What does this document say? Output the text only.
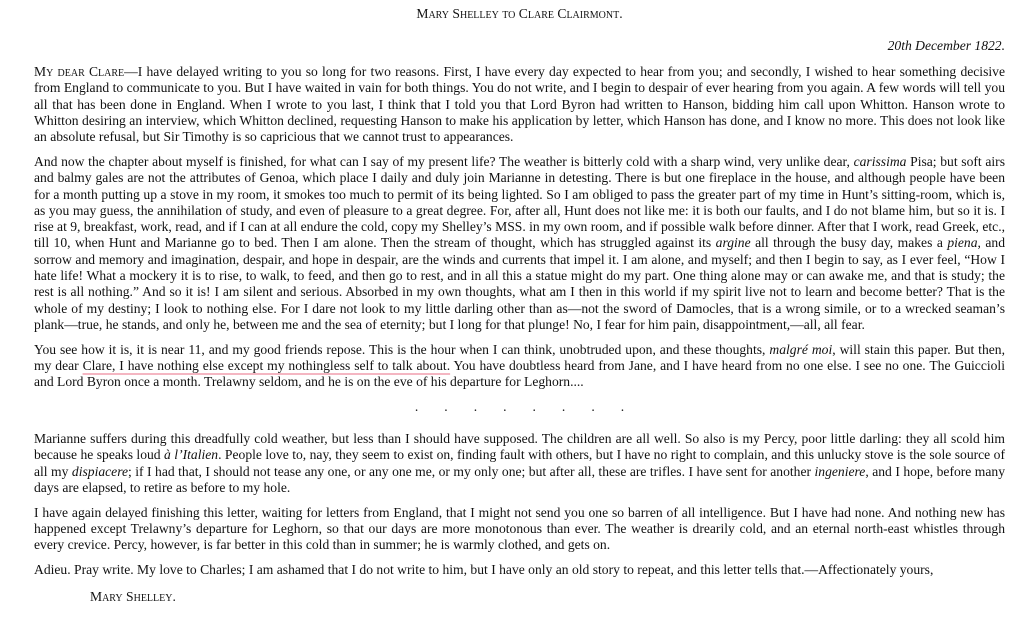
Mary Shelley to Clare Clairmont.
20th December 1822.

My dear Clare—I have delayed writing to you so long for two reasons. First, I have every day expected to hear from you; and secondly, I wished to hear something decisive from England to communicate to you. But I have waited in vain for both things. You do not write, and I begin to despair of ever hearing from you again. A few words will tell you all that has been done in England. When I wrote to you last, I think that I told you that Lord Byron had written to Hanson, bidding him call upon Whitton. Hanson wrote to Whitton desiring an interview, which Whitton declined, requesting Hanson to make his application by letter, which Hanson has done, and I know no more. This does not look like an absolute refusal, but Sir Timothy is so capricious that we cannot trust to appearances.

And now the chapter about myself is finished, for what can I say of my present life? The weather is bitterly cold with a sharp wind, very unlike dear, carissima Pisa; but soft airs and balmy gales are not the attributes of Genoa, which place I daily and duly join Marianne in detesting. There is but one fireplace in the house, and although people have been for a month putting up a stove in my room, it smokes too much to permit of its being lighted. So I am obliged to pass the greater part of my time in Hunt’s sitting-room, which is, as you may guess, the annihilation of study, and even of pleasure to a great degree. For, after all, Hunt does not like me: it is both our faults, and I do not blame him, but so it is. I rise at 9, breakfast, work, read, and if I can at all endure the cold, copy my Shelley’s MSS. in my own room, and if possible walk before dinner. After that I work, read Greek, etc., till 10, when Hunt and Marianne go to bed. Then I am alone. Then the stream of thought, which has struggled against its argine all through the busy day, makes a piena, and sorrow and memory and imagination, despair, and hope in despair, are the winds and currents that impel it. I am alone, and myself; and then I begin to say, as I ever feel, “How I hate life! What a mockery it is to rise, to walk, to feed, and then go to rest, and in all this a statue might do my part. One thing alone may or can awake me, and that is study; the rest is all nothing.” And so it is! I am silent and serious. Absorbed in my own thoughts, what am I then in this world if my spirit live not to learn and become better? That is the whole of my destiny; I look to nothing else. For I dare not look to my little darling other than as—not the sword of Damocles, that is a wrong simile, or to a wrecked seaman’s plank—true, he stands, and only he, between me and the sea of eternity; but I long for that plunge! No, I fear for him pain, disappointment,—all, all fear.

You see how it is, it is near 11, and my good friends repose. This is the hour when I can think, unobtruded upon, and these thoughts, malgré moi, will stain this paper. But then, my dear Clare, I have nothing else except my nothingless self to talk about. You have doubtless heard from Jane, and I have heard from no one else. I see no one. The Guiccioli and Lord Byron once a month. Trelawny seldom, and he is on the eve of his departure for Leghorn....

. . . . . . . .

Marianne suffers during this dreadfully cold weather, but less than I should have supposed. The children are all well. So also is my Percy, poor little darling: they all scold him because he speaks loud à l’Italien. People love to, nay, they seem to exist on, finding fault with others, but I have no right to complain, and this unlucky stove is the sole source of all my dispiacere; if I had that, I should not tease any one, or any one me, or my only one; but after all, these are trifles. I have sent for another ingeniere, and I hope, before many days are elapsed, to retire as before to my hole.

I have again delayed finishing this letter, waiting for letters from England, that I might not send you one so barren of all intelligence. But I have had none. And nothing new has happened except Trelawny’s departure for Leghorn, so that our days are more monotonous than ever. The weather is drearily cold, and an eternal north-east whistles through every crevice. Percy, however, is far better in this cold than in summer; he is warmly clothed, and gets on.

Adieu. Pray write. My love to Charles; I am ashamed that I do not write to him, but I have only an old story to repeat, and this letter tells that.—Affectionately yours,

Mary Shelley.
